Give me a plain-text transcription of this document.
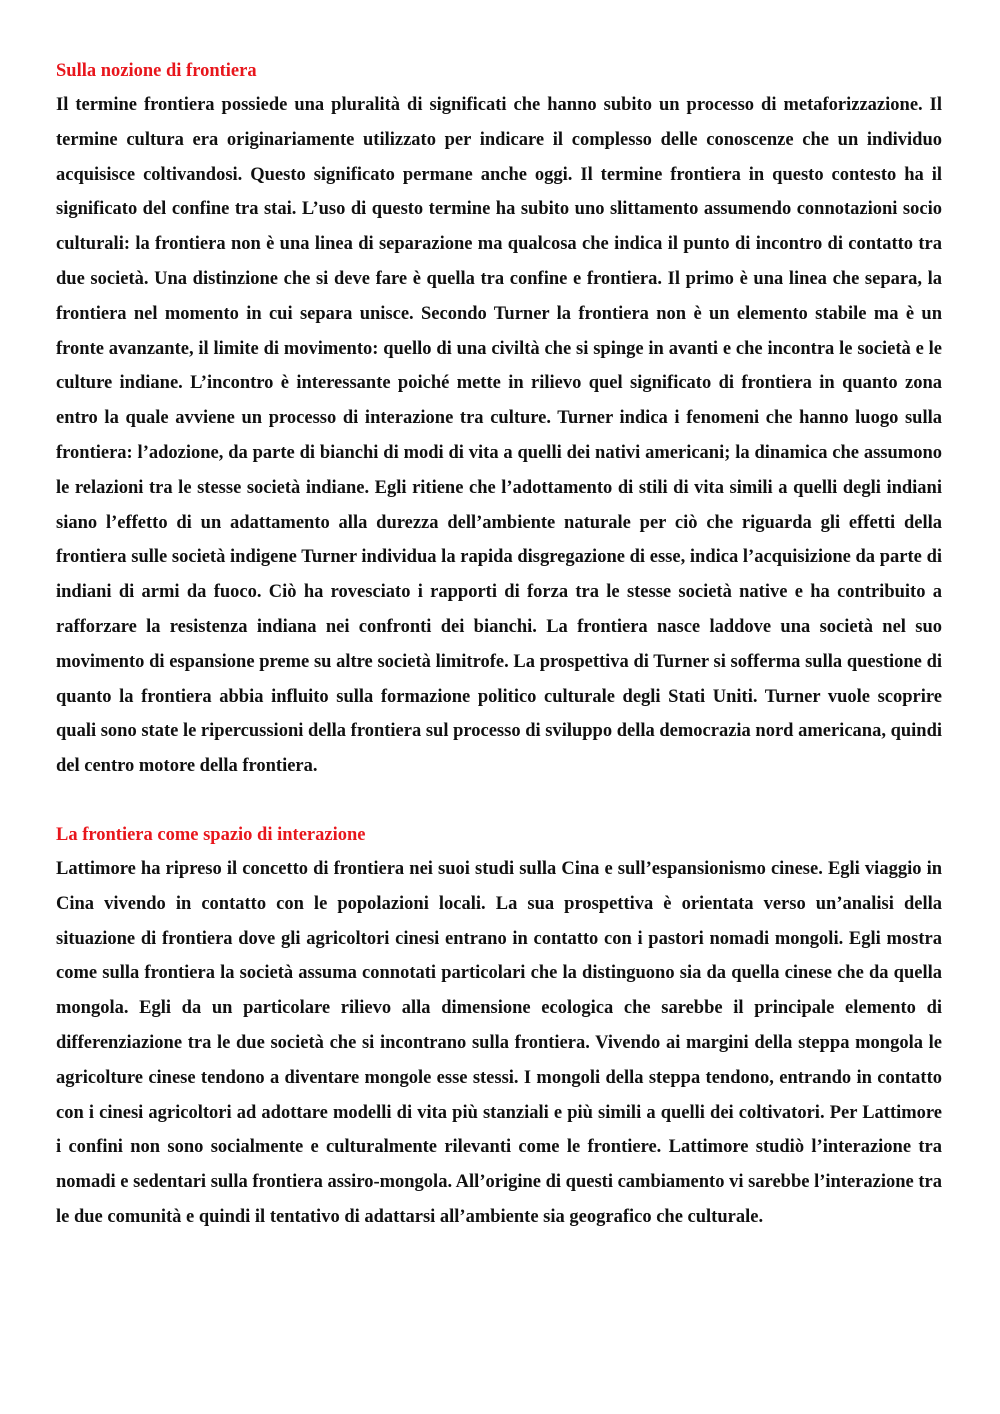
Sulla nozione di frontiera

Il termine frontiera possiede una pluralità di significati che hanno subito un processo di metaforizzazione. Il termine cultura era originariamente utilizzato per indicare il complesso delle conoscenze che un individuo acquisisce coltivandosi. Questo significato permane anche oggi. Il termine frontiera in questo contesto ha il significato del confine tra stai. L’uso di questo termine ha subito uno slittamento assumendo connotazioni socio culturali: la frontiera non è una linea di separazione ma qualcosa che indica il punto di incontro di contatto tra due società. Una distinzione che si deve fare è quella tra confine e frontiera. Il primo è una linea che separa, la frontiera nel momento in cui separa unisce. Secondo Turner la frontiera non è un elemento stabile ma è un fronte avanzante, il limite di movimento: quello di una civiltà che si spinge in avanti e che incontra le società e le culture indiane. L’incontro è interessante poiché mette in rilievo quel significato di frontiera in quanto zona entro la quale avviene un processo di interazione tra culture. Turner indica i fenomeni che hanno luogo sulla frontiera: l’adozione, da parte di bianchi di modi di vita a quelli dei nativi americani; la dinamica che assumono le relazioni tra le stesse società indiane. Egli ritiene che l’adottamento di stili di vita simili a quelli degli indiani siano l’effetto di un adattamento alla durezza dell’ambiente naturale per ciò che riguarda gli effetti della frontiera sulle società indigene Turner individua la rapida disgregazione di esse, indica l’acquisizione da parte di indiani di armi da fuoco. Ciò ha rovesciato i rapporti di forza tra le stesse società native e ha contribuito a rafforzare la resistenza indiana nei confronti dei bianchi. La frontiera nasce laddove una società nel suo movimento di espansione preme su altre società limitrofe. La prospettiva di Turner si sofferma sulla questione di quanto la frontiera abbia influito sulla formazione politico culturale degli Stati Uniti. Turner vuole scoprire quali sono state le ripercussioni della frontiera sul processo di sviluppo della democrazia nord americana, quindi del centro motore della frontiera.

La frontiera come spazio di interazione

Lattimore ha ripreso il concetto di frontiera nei suoi studi sulla Cina e sull’espansionismo cinese. Egli viaggio in Cina vivendo in contatto con le popolazioni locali. La sua prospettiva è orientata verso un’analisi della situazione di frontiera dove gli agricoltori cinesi entrano in contatto con i pastori nomadi mongoli. Egli mostra come sulla frontiera la società assuma connotati particolari che la distinguono sia da quella cinese che da quella mongola. Egli da un particolare rilievo alla dimensione ecologica che sarebbe il principale elemento di differenziazione tra le due società che si incontrano sulla frontiera. Vivendo ai margini della steppa mongola le agricolture cinese tendono a diventare mongole esse stessi. I mongoli della steppa tendono, entrando in contatto con i cinesi agricoltori ad adottare modelli di vita più stanziali e più simili a quelli dei coltivatori. Per Lattimore i confini non sono socialmente e culturalmente rilevanti come le frontiere. Lattimore studiò l’interazione tra nomadi e sedentari sulla frontiera assiro-mongola. All’origine di questi cambiamento vi sarebbe l’interazione tra le due comunità e quindi il tentativo di adattarsi all’ambiente sia geografico che culturale.
